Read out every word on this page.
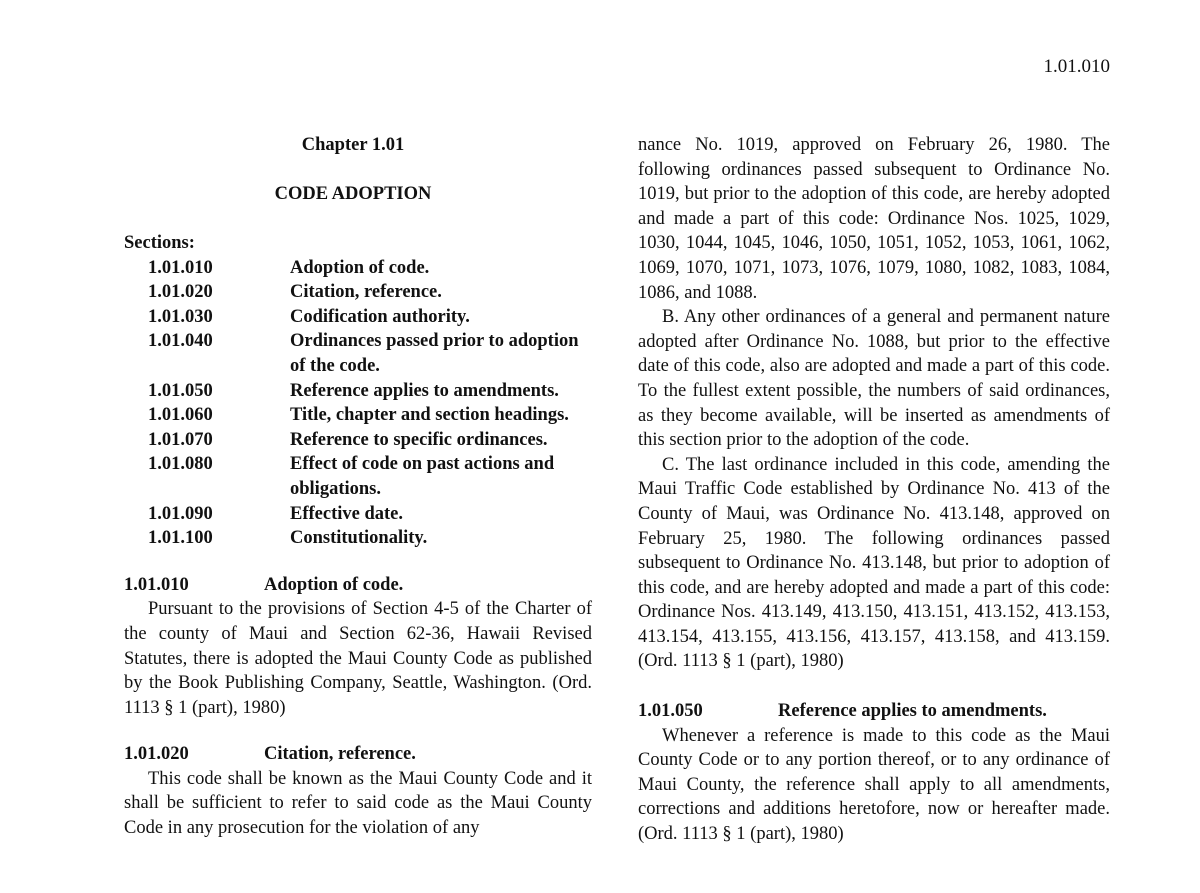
1.01.010
Chapter 1.01
CODE ADOPTION
Sections:
1.01.010	Adoption of code.
1.01.020	Citation, reference.
1.01.030	Codification authority.
1.01.040	Ordinances passed prior to adoption of the code.
1.01.050	Reference applies to amendments.
1.01.060	Title, chapter and section headings.
1.01.070	Reference to specific ordinances.
1.01.080	Effect of code on past actions and obligations.
1.01.090	Effective date.
1.01.100	Constitutionality.
1.01.010	Adoption of code.

Pursuant to the provisions of Section 4-5 of the Charter of the county of Maui and Section 62-36, Hawaii Revised Statutes, there is adopted the Maui County Code as published by the Book Publishing Company, Seattle, Washington. (Ord. 1113 § 1 (part), 1980)

1.01.020	Citation, reference.

This code shall be known as the Maui County Code and it shall be sufficient to refer to said code as the Maui County Code in any prosecution for the violation of any

nance No. 1019, approved on February 26, 1980. The following ordinances passed subsequent to Ordinance No. 1019, but prior to the adoption of this code, are hereby adopted and made a part of this code: Ordinance Nos. 1025, 1029, 1030, 1044, 1045, 1046, 1050, 1051, 1052, 1053, 1061, 1062, 1069, 1070, 1071, 1073, 1076, 1079, 1080, 1082, 1083, 1084, 1086, and 1088.

B. Any other ordinances of a general and permanent nature adopted after Ordinance No. 1088, but prior to the effective date of this code, also are adopted and made a part of this code. To the fullest extent possible, the numbers of said ordinances, as they become available, will be inserted as amendments of this section prior to the adoption of the code.

C. The last ordinance included in this code, amending the Maui Traffic Code established by Ordinance No. 413 of the County of Maui, was Ordinance No. 413.148, approved on February 25, 1980. The following ordinances passed subsequent to Ordinance No. 413.148, but prior to adoption of this code, and are hereby adopted and made a part of this code: Ordinance Nos. 413.149, 413.150, 413.151, 413.152, 413.153, 413.154, 413.155, 413.156, 413.157, 413.158, and 413.159. (Ord. 1113 § 1 (part), 1980)

1.01.050	Reference applies to amendments.

Whenever a reference is made to this code as the Maui County Code or to any portion thereof, or to any ordinance of Maui County, the reference shall apply to all amendments, corrections and additions heretofore, now or hereafter made. (Ord. 1113 § 1 (part), 1980)
